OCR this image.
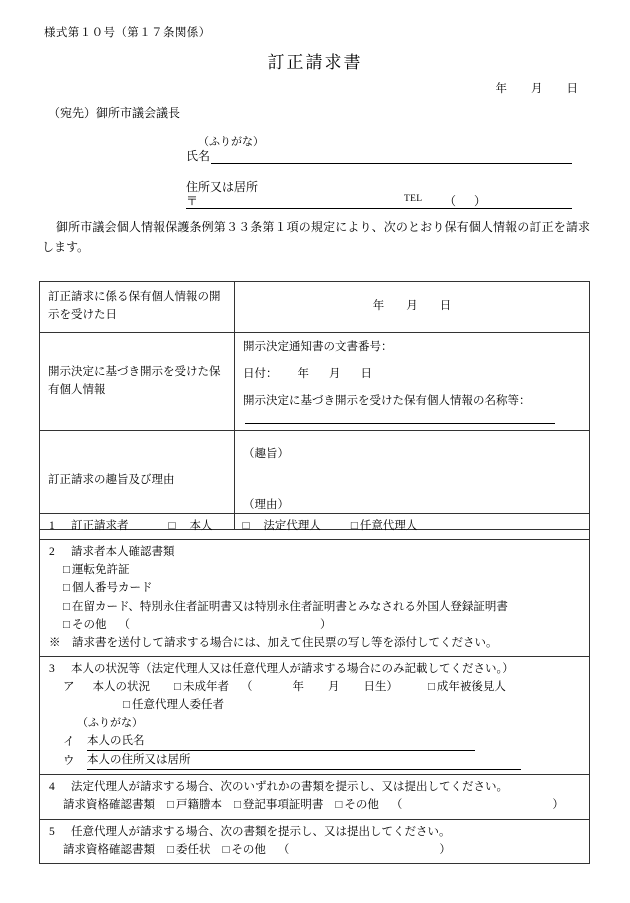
様式第１０号（第１７条関係）
訂正請求書
年 月 日
（宛先）御所市議会議長
（ふりがな）
氏名
住所又は居所
〒	TEL （ ）
御所市議会個人情報保護条例第３３条第１項の規定により、次のとおり保有個人情報の訂正を請求します。
訂正請求に係る保有個人情報の開示を受けた日	年 月 日
開示決定に基づき開示を受けた保有個人情報	開示決定通知書の文書番号：
日付： 年 月 日
開示決定に基づき開示を受けた保有個人情報の名称等：

訂正請求の趣旨及び理由	（趣旨）
（理由）
1 訂正請求者	□ 本人	□ 法定代理人	□ 任意代理人

2 請求者本人確認書類
□ 運転免許証
□ 個人番号カード
□ 在留カード、特別永住者証明書又は特別永住者証明書とみなされる外国人登録証明書
□ その他 （	）
※　請求書を送付して請求する場合には、加えて住民票の写し等を添付してください。

3 本人の状況等（法定代理人又は任意代理人が請求する場合にのみ記載してください。）
ア 本人の状況 □ 未成年者 （	年 月 日生）	□ 成年被後見人
□ 任意代理人委任者
（ふりがな）
イ	本人の氏名
ウ	本人の住所又は居所

4 法定代理人が請求する場合、次のいずれかの書類を提示し、又は提出してください。
請求資格確認書類 □ 戸籍謄本 □ 登記事項証明書 □ その他 （	）

5 任意代理人が請求する場合、次の書類を提示し、又は提出してください。
請求資格確認書類 □ 委任状 □ その他 （	）
